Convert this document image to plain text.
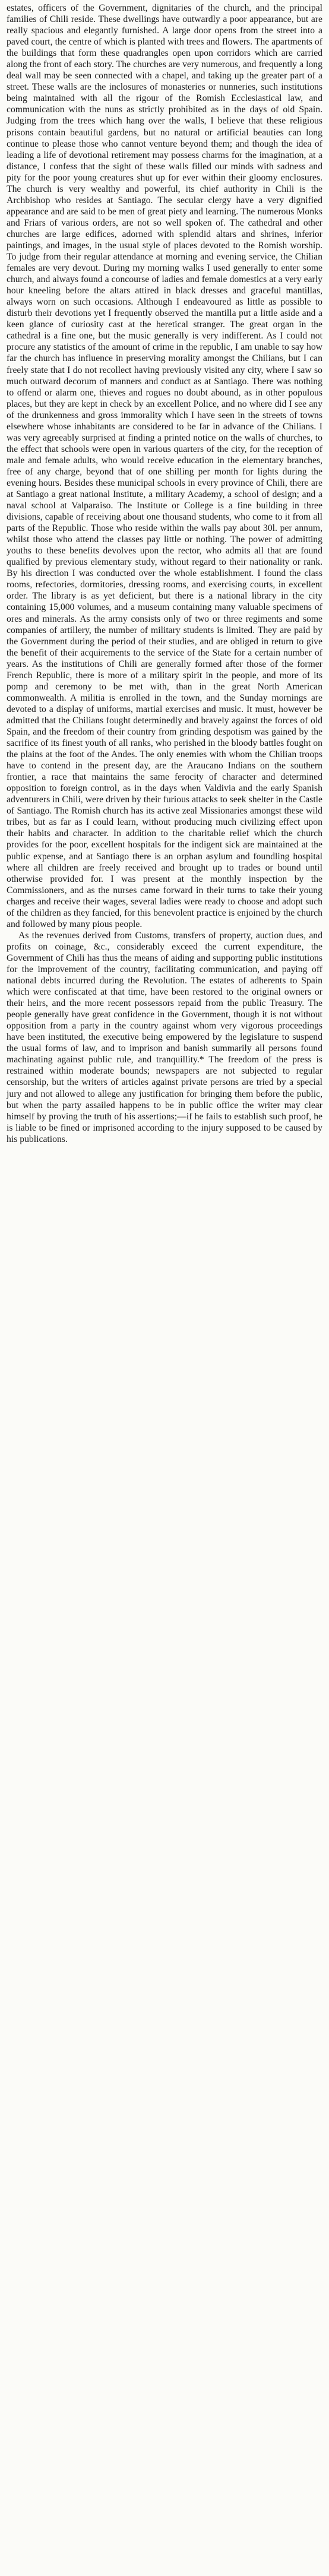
estates, officers of the Government, dignitaries of the church, and the principal families of Chili reside. These dwellings have outwardly a poor appearance, but are really spacious and elegantly furnished. A large door opens from the street into a paved court, the centre of which is planted with trees and flowers. The apartments of the buildings that form these quadrangles open upon corridors which are carried along the front of each story. The churches are very numerous, and frequently a long deal wall may be seen connected with a chapel, and taking up the greater part of a street. These walls are the inclosures of monasteries or nunneries, such institutions being maintained with all the rigour of the Romish Ecclesiastical law, and communication with the nuns as strictly prohibited as in the days of old Spain. Judging from the trees which hang over the walls, I believe that these religious prisons contain beautiful gardens, but no natural or artificial beauties can long continue to please those who cannot venture beyond them; and though the idea of leading a life of devotional retirement may possess charms for the imagination, at a distance, I confess that the sight of these walls filled our minds with sadness and pity for the poor young creatures shut up for ever within their gloomy enclosures. The church is very wealthy and powerful, its chief authority in Chili is the Archbishop who resides at Santiago. The secular clergy have a very dignified appearance and are said to be men of great piety and learning. The numerous Monks and Friars of various orders, are not so well spoken of. The cathedral and other churches are large edifices, adorned with splendid altars and shrines, inferior paintings, and images, in the usual style of places devoted to the Romish worship. To judge from their regular attendance at morning and evening service, the Chilian females are very devout. During my morning walks I used generally to enter some church, and always found a concourse of ladies and female domestics at a very early hour kneeling before the altars attired in black dresses and graceful mantillas, always worn on such occasions. Although I endeavoured as little as possible to disturb their devotions yet I frequently observed the mantilla put a little aside and a keen glance of curiosity cast at the heretical stranger. The great organ in the cathedral is a fine one, but the music generally is very indifferent. As I could not procure any statistics of the amount of crime in the republic, I am unable to say how far the church has influence in preserving morality amongst the Chilians, but I can freely state that I do not recollect having previously visited any city, where I saw so much outward decorum of manners and conduct as at Santiago. There was nothing to offend or alarm one, thieves and rogues no doubt abound, as in other populous places, but they are kept in check by an excellent Police, and no where did I see any of the drunkenness and gross immorality which I have seen in the streets of towns elsewhere whose inhabitants are considered to be far in advance of the Chilians. I was very agreeably surprised at finding a printed notice on the walls of churches, to the effect that schools were open in various quarters of the city, for the reception of male and female adults, who would receive education in the elementary branches, free of any charge, beyond that of one shilling per month for lights during the evening hours. Besides these municipal schools in every province of Chili, there are at Santiago a great national Institute, a military Academy, a school of design; and a naval school at Valparaiso. The Institute or College is a fine building in three divisions, capable of receiving about one thousand students, who come to it from all parts of the Republic. Those who reside within the walls pay about 30l. per annum, whilst those who attend the classes pay little or nothing. The power of admitting youths to these benefits devolves upon the rector, who admits all that are found qualified by previous elementary study, without regard to their nationality or rank. By his direction I was conducted over the whole establishment. I found the class rooms, refectories, dormitories, dressing rooms, and exercising courts, in excellent order. The library is as yet deficient, but there is a national library in the city containing 15,000 volumes, and a museum containing many valuable specimens of ores and minerals. As the army consists only of two or three regiments and some companies of artillery, the number of military students is limited. They are paid by the Government during the period of their studies, and are obliged in return to give the benefit of their acquirements to the service of the State for a certain number of years. As the institutions of Chili are generally formed after those of the former French Republic, there is more of a military spirit in the people, and more of its pomp and ceremony to be met with, than in the great North American commonwealth. A militia is enrolled in the town, and the Sunday mornings are devoted to a display of uniforms, martial exercises and music. It must, however be admitted that the Chilians fought determinedly and bravely against the forces of old Spain, and the freedom of their country from grinding despotism was gained by the sacrifice of its finest youth of all ranks, who perished in the bloody battles fought on the plains at the foot of the Andes. The only enemies with whom the Chilian troops have to contend in the present day, are the Araucano Indians on the southern frontier, a race that maintains the same ferocity of character and determined opposition to foreign control, as in the days when Valdivia and the early Spanish adventurers in Chili, were driven by their furious attacks to seek shelter in the Castle of Santiago. The Romish church has its active zeal Missionaries amongst these wild tribes, but as far as I could learn, without producing much civilizing effect upon their habits and character. In addition to the charitable relief which the church provides for the poor, excellent hospitals for the indigent sick are maintained at the public expense, and at Santiago there is an orphan asylum and foundling hospital where all children are freely received and brought up to trades or bound until otherwise provided for. I was present at the monthly inspection by the Commissioners, and as the nurses came forward in their turns to take their young charges and receive their wages, several ladies were ready to choose and adopt such of the children as they fancied, for this benevolent practice is enjoined by the church and followed by many pious people.

As the revenues derived from Customs, transfers of property, auction dues, and profits on coinage, &c., considerably exceed the current expenditure, the Government of Chili has thus the means of aiding and supporting public institutions for the improvement of the country, facilitating communication, and paying off national debts incurred during the Revolution. The estates of adherents to Spain which were confiscated at that time, have been restored to the original owners or their heirs, and the more recent possessors repaid from the public Treasury. The people generally have great confidence in the Government, though it is not without opposition from a party in the country against whom very vigorous proceedings have been instituted, the executive being empowered by the legislature to suspend the usual forms of law, and to imprison and banish summarily all persons found machinating against public rule, and tranquillity.* The freedom of the press is restrained within moderate bounds; newspapers are not subjected to regular censorship, but the writers of articles against private persons are tried by a special jury and not allowed to allege any justification for bringing them before the public, but when the party assailed happens to be in public office the writer may clear himself by proving the truth of his assertions;—if he fails to establish such proof, he is liable to be fined or imprisoned according to the injury supposed to be caused by his publications.
